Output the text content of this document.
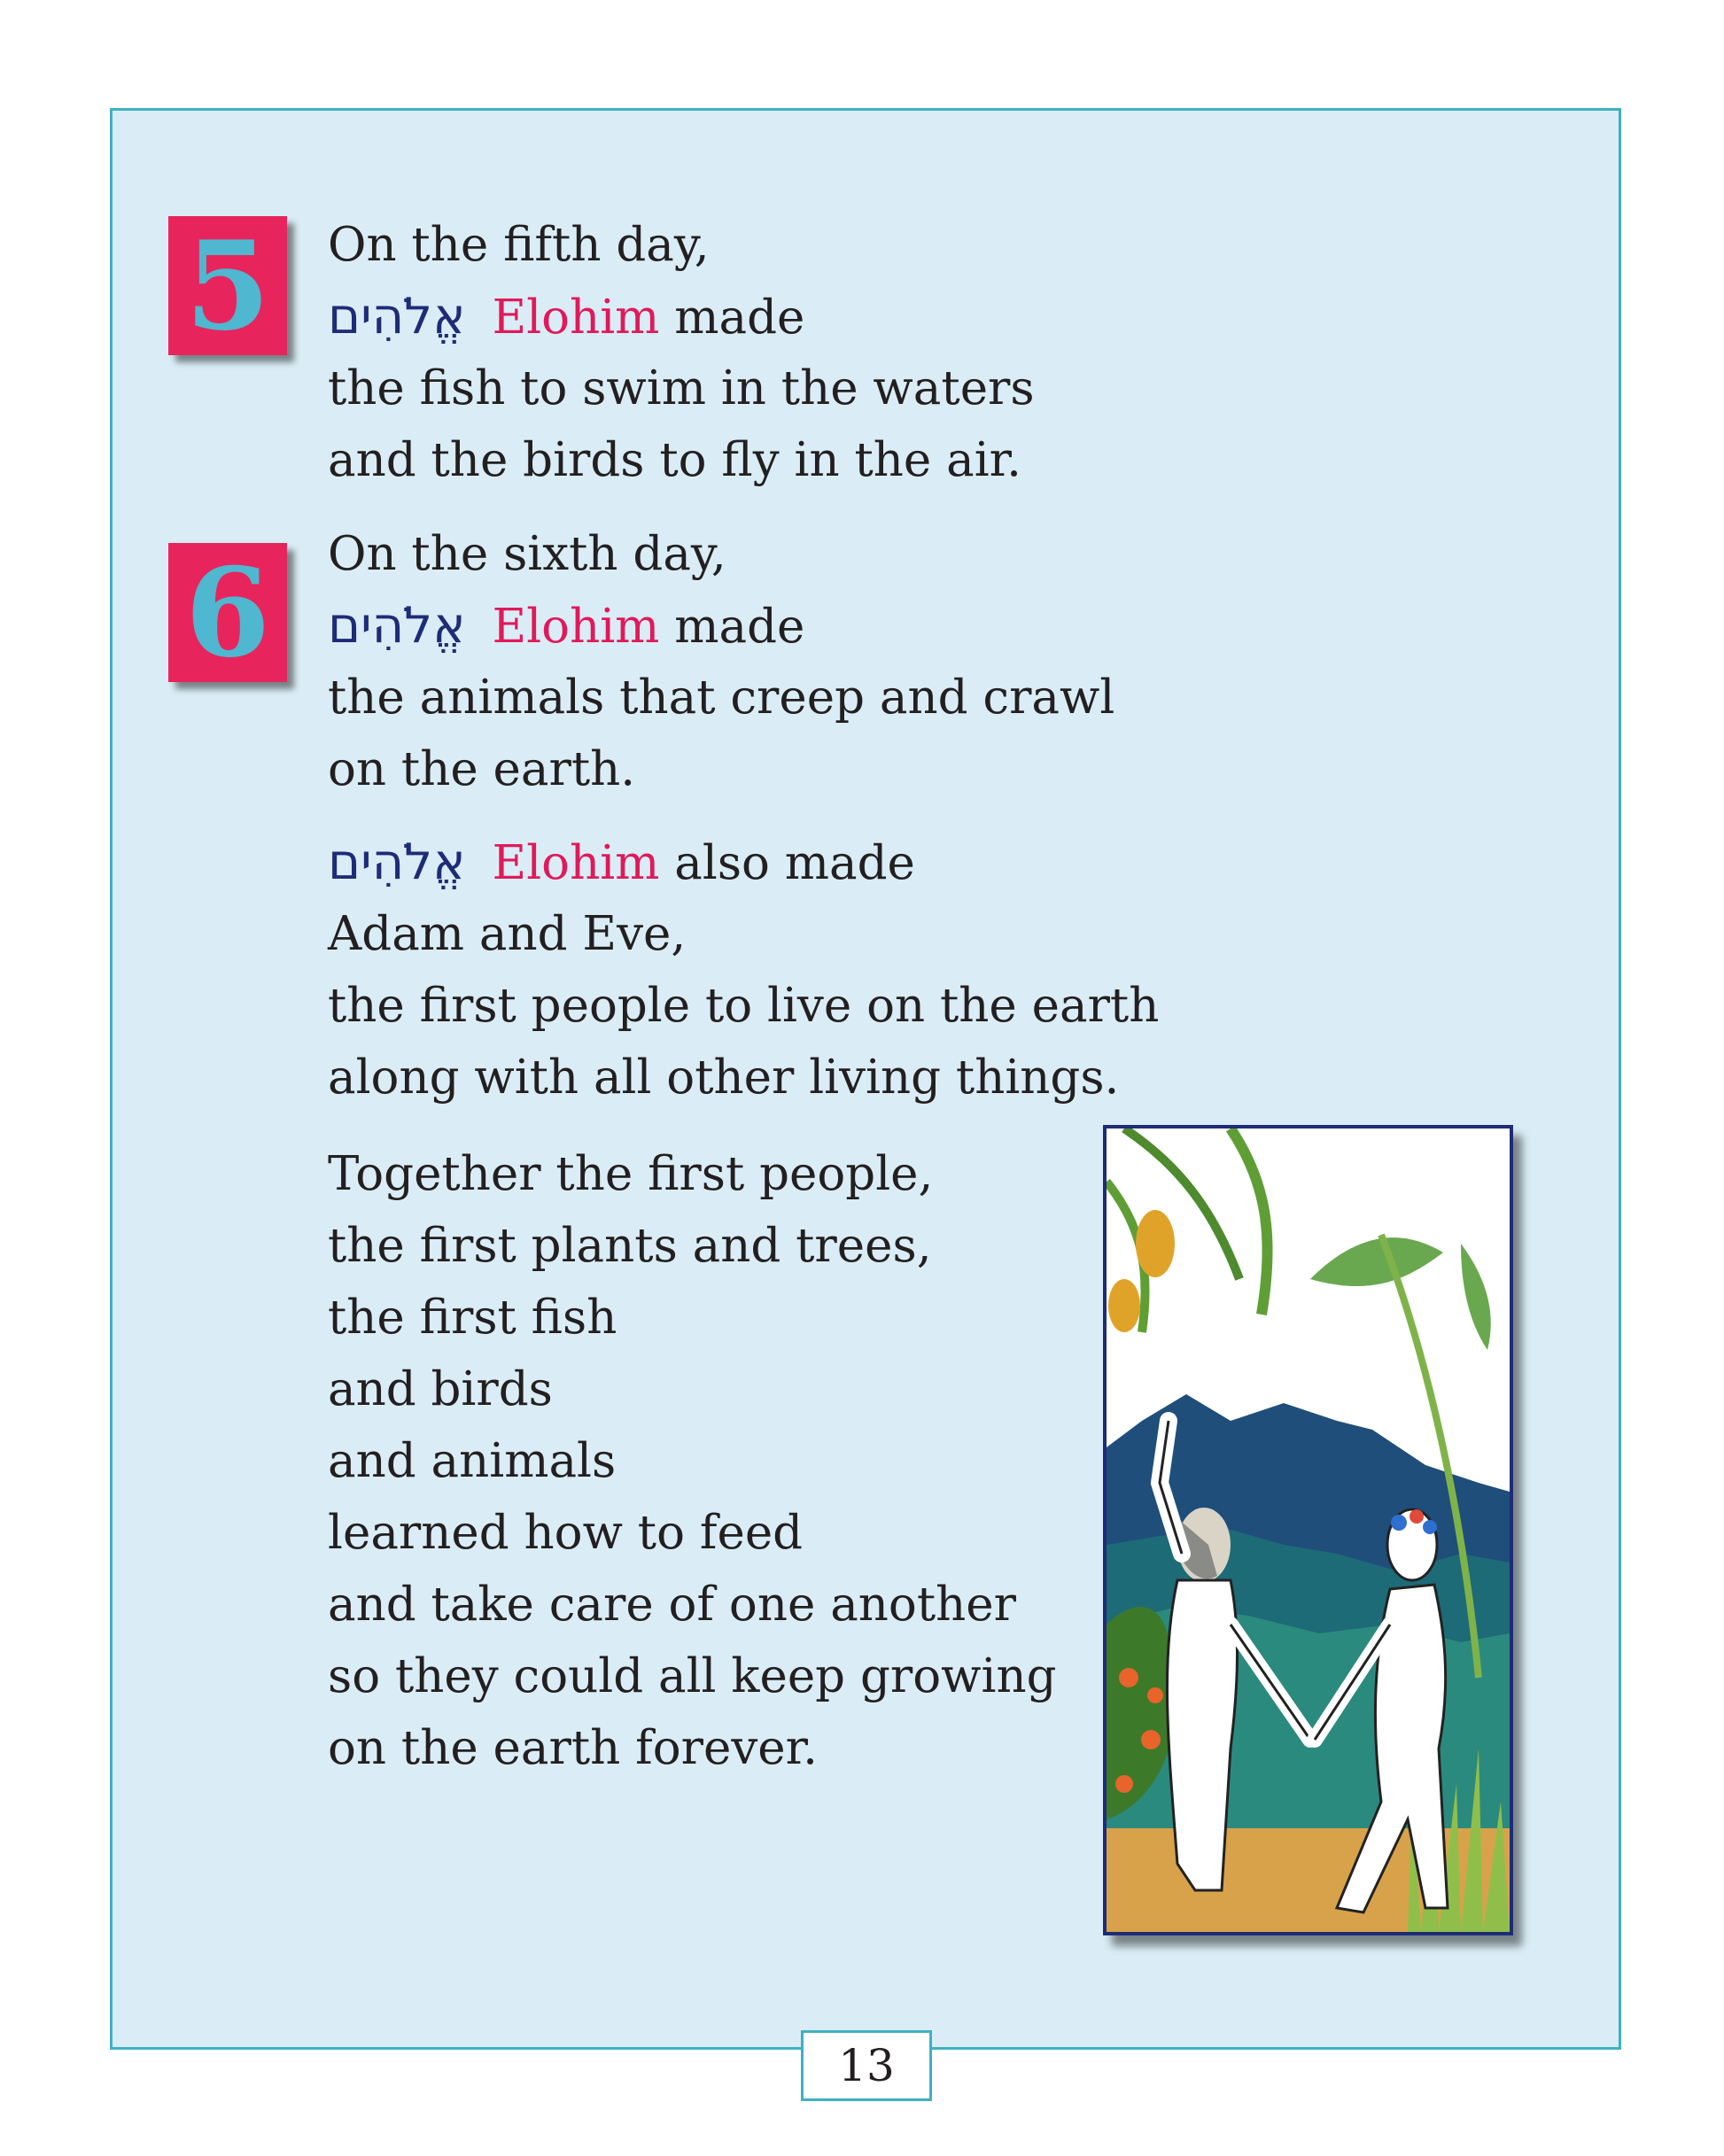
5 On the fifth day,
אֱלֹהִים Elohim made
the fish to swim in the waters
and the birds to fly in the air.
6 On the sixth day,
אֱלֹהִים Elohim made
the animals that creep and crawl
on the earth.
אֱלֹהִים Elohim also made
Adam and Eve,
the first people to live on the earth
along with all other living things.
Together the first people,
the first plants and trees,
the first fish
and birds
and animals
learned how to feed
and take care of one another
so they could all keep growing
on the earth forever.
13
